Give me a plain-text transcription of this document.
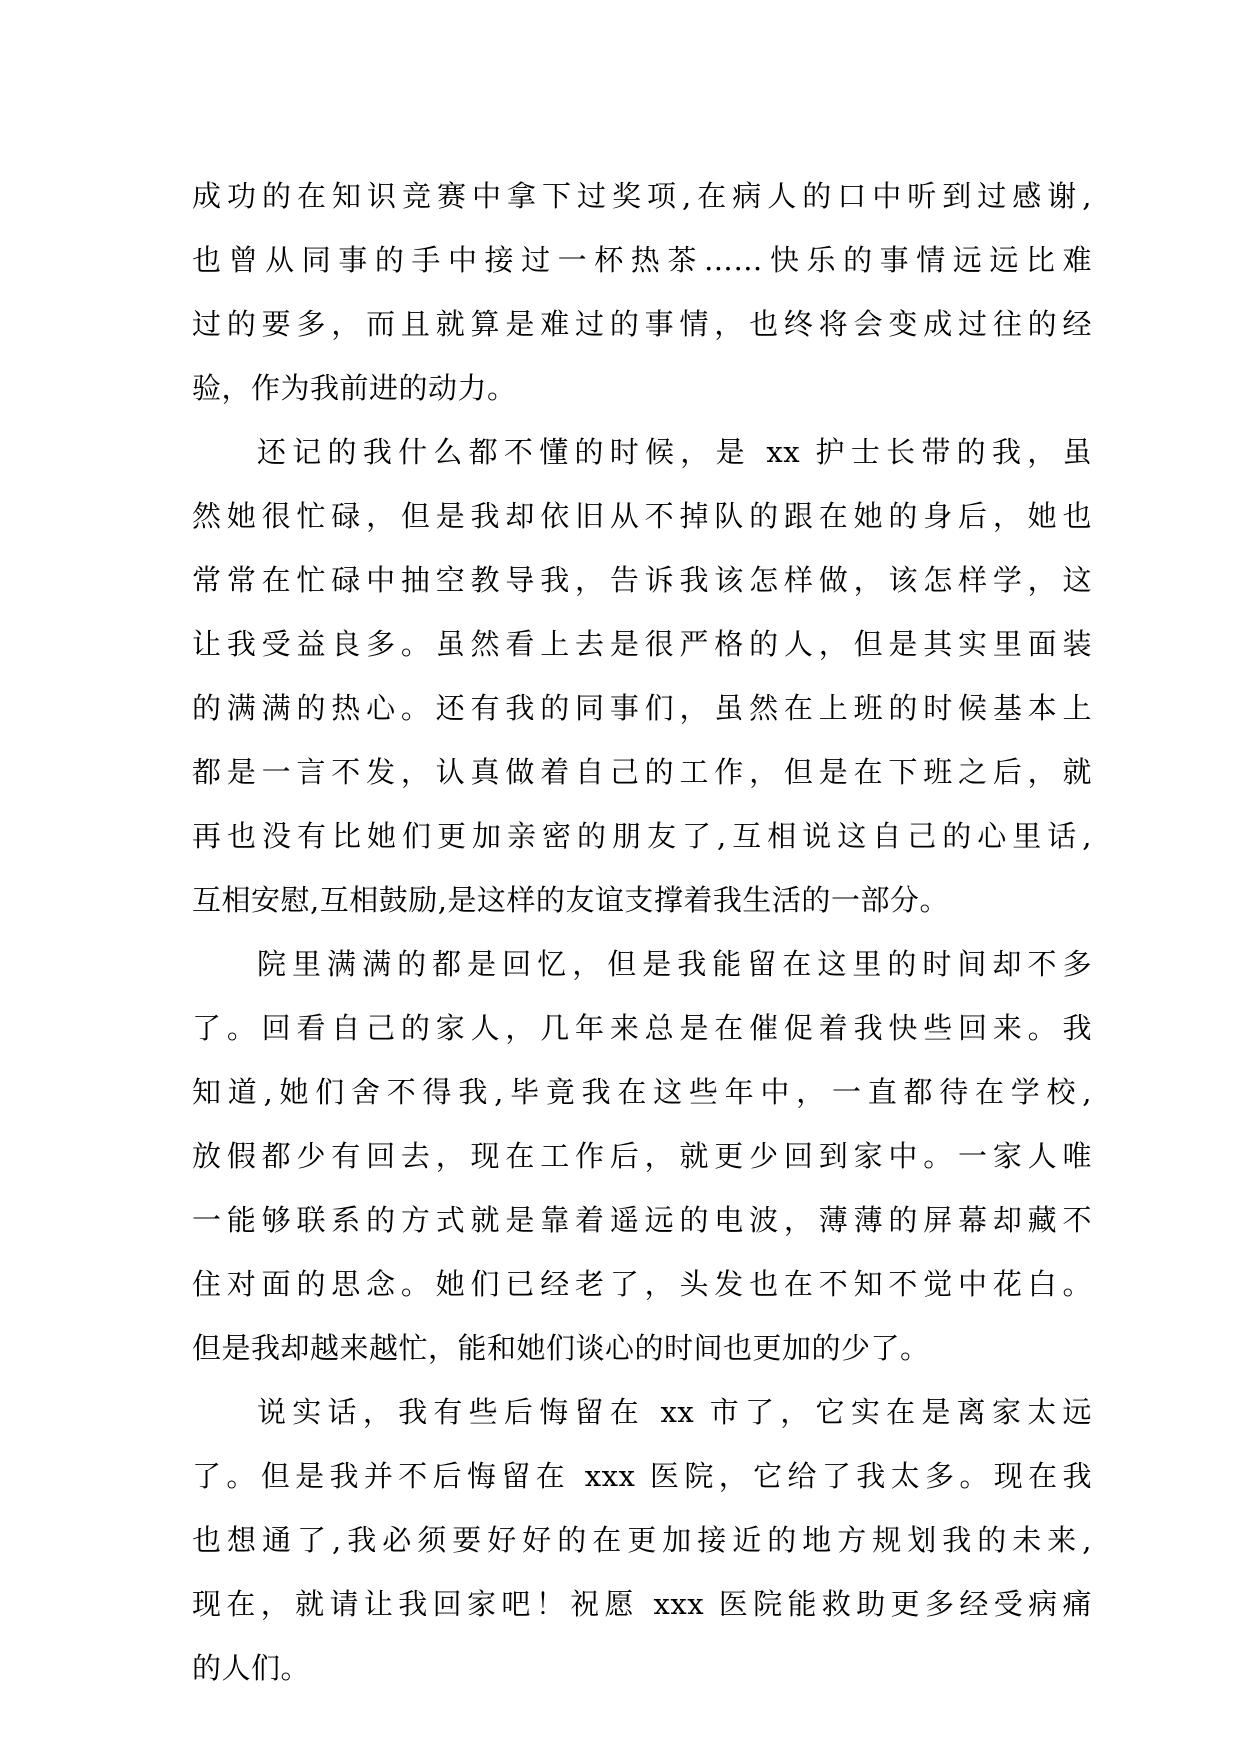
成功的在知识竞赛中拿下过奖项,在病人的口中听到过感谢,
也曾从同事的手中接过一杯热茶……快乐的事情远远比难
过的要多，而且就算是难过的事情，也终将会变成过往的经
验，作为我前进的动力。
还记的我什么都不懂的时候，是 xx 护士长带的我，虽
然她很忙碌，但是我却依旧从不掉队的跟在她的身后，她也
常常在忙碌中抽空教导我，告诉我该怎样做，该怎样学，这
让我受益良多。虽然看上去是很严格的人，但是其实里面装
的满满的热心。还有我的同事们，虽然在上班的时候基本上
都是一言不发，认真做着自己的工作，但是在下班之后，就
再也没有比她们更加亲密的朋友了,互相说这自己的心里话,
互相安慰,互相鼓励,是这样的友谊支撑着我生活的一部分。
院里满满的都是回忆，但是我能留在这里的时间却不多
了。回看自己的家人，几年来总是在催促着我快些回来。我
知道,她们舍不得我,毕竟我在这些年中，一直都待在学校,
放假都少有回去，现在工作后，就更少回到家中。一家人唯
一能够联系的方式就是靠着遥远的电波，薄薄的屏幕却藏不
住对面的思念。她们已经老了，头发也在不知不觉中花白。
但是我却越来越忙，能和她们谈心的时间也更加的少了。
说实话，我有些后悔留在 xx 市了，它实在是离家太远
了。但是我并不后悔留在 xxx 医院，它给了我太多。现在我
也想通了,我必须要好好的在更加接近的地方规划我的未来,
现在，就请让我回家吧！祝愿 xxx 医院能救助更多经受病痛
的人们。
